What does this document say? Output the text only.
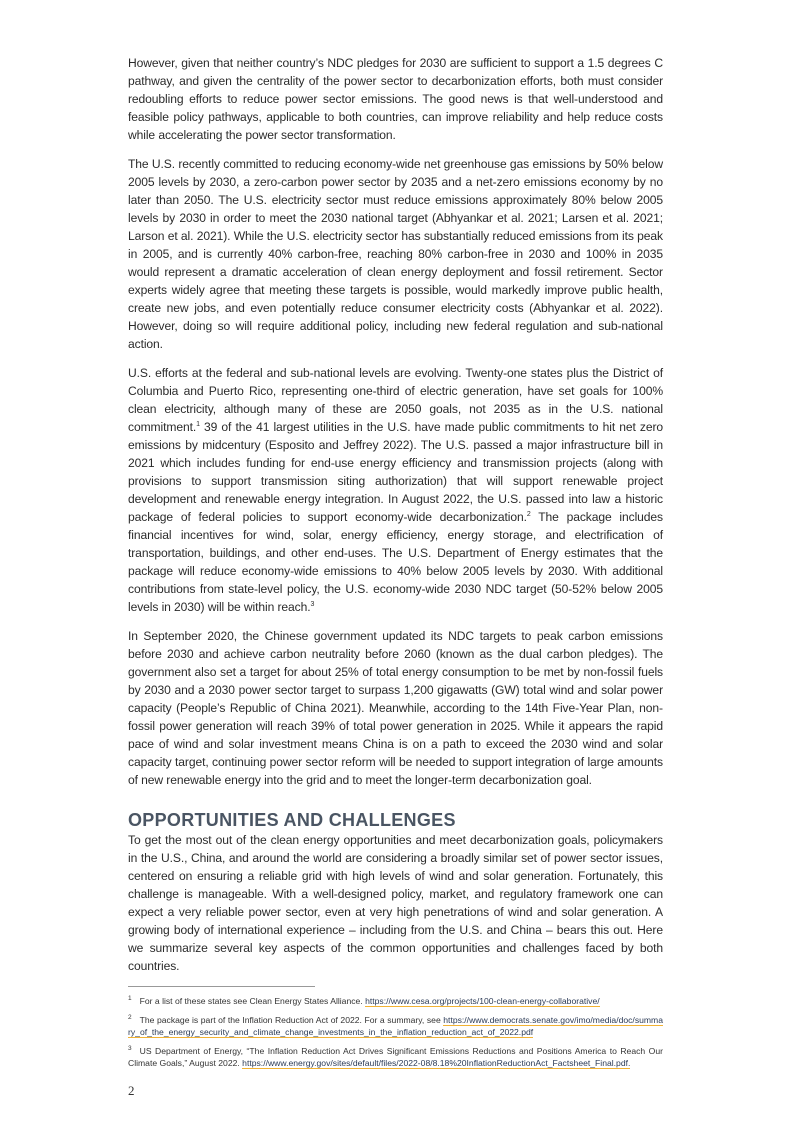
However, given that neither country’s NDC pledges for 2030 are sufficient to support a 1.5 degrees C pathway, and given the centrality of the power sector to decarbonization efforts, both must consider redoubling efforts to reduce power sector emissions. The good news is that well-understood and feasible policy pathways, applicable to both countries, can improve reliability and help reduce costs while accelerating the power sector transformation.

The U.S. recently committed to reducing economy-wide net greenhouse gas emissions by 50% below 2005 levels by 2030, a zero-carbon power sector by 2035 and a net-zero emissions economy by no later than 2050. The U.S. electricity sector must reduce emissions approximately 80% below 2005 levels by 2030 in order to meet the 2030 national target (Abhyankar et al. 2021; Larsen et al. 2021; Larson et al. 2021). While the U.S. electricity sector has substantially reduced emissions from its peak in 2005, and is currently 40% carbon-free, reaching 80% carbon-free in 2030 and 100% in 2035 would represent a dramatic acceleration of clean energy deployment and fossil retirement. Sector experts widely agree that meeting these targets is possible, would markedly improve public health, create new jobs, and even potentially reduce consumer electricity costs (Abhyankar et al. 2022). However, doing so will require additional policy, including new federal regulation and sub-national action.

U.S. efforts at the federal and sub-national levels are evolving. Twenty-one states plus the District of Columbia and Puerto Rico, representing one-third of electric generation, have set goals for 100% clean electricity, although many of these are 2050 goals, not 2035 as in the U.S. national commitment.$^1$ 39 of the 41 largest utilities in the U.S. have made public commitments to hit net zero emissions by midcentury (Esposito and Jeffrey 2022). The U.S. passed a major infrastructure bill in 2021 which includes funding for end-use energy efficiency and transmission projects (along with provisions to support transmission siting authorization) that will support renewable project development and renewable energy integration. In August 2022, the U.S. passed into law a historic package of federal policies to support economy-wide decarbonization.$^2$ The package includes financial incentives for wind, solar, energy efficiency, energy storage, and electrification of transportation, buildings, and other end-uses. The U.S. Department of Energy estimates that the package will reduce economy-wide emissions to 40% below 2005 levels by 2030. With additional contributions from state-level policy, the U.S. economy-wide 2030 NDC target (50-52% below 2005 levels in 2030) will be within reach.$^3$

In September 2020, the Chinese government updated its NDC targets to peak carbon emissions before 2030 and achieve carbon neutrality before 2060 (known as the dual carbon pledges). The government also set a target for about 25% of total energy consumption to be met by non-fossil fuels by 2030 and a 2030 power sector target to surpass 1,200 gigawatts (GW) total wind and solar power capacity (People’s Republic of China 2021). Meanwhile, according to the 14th Five-Year Plan, non-fossil power generation will reach 39% of total power generation in 2025. While it appears the rapid pace of wind and solar investment means China is on a path to exceed the 2030 wind and solar capacity target, continuing power sector reform will be needed to support integration of large amounts of new renewable energy into the grid and to meet the longer-term decarbonization goal.

OPPORTUNITIES AND CHALLENGES

To get the most out of the clean energy opportunities and meet decarbonization goals, policymakers in the U.S., China, and around the world are considering a broadly similar set of power sector issues, centered on ensuring a reliable grid with high levels of wind and solar generation. Fortunately, this challenge is manageable. With a well-designed policy, market, and regulatory framework one can expect a very reliable power sector, even at very high penetrations of wind and solar generation. A growing body of international experience – including from the U.S. and China – bears this out. Here we summarize several key aspects of the common opportunities and challenges faced by both countries.

$^1$ For a list of these states see Clean Energy States Alliance. https://www.cesa.org/projects/100-clean-energy-collaborative/
$^2$ The package is part of the Inflation Reduction Act of 2022. For a summary, see https://www.democrats.senate.gov/imo/media/doc/summary_of_the_energy_security_and_climate_change_investments_in_the_inflation_reduction_act_of_2022.pdf
$^3$ US Department of Energy, “The Inflation Reduction Act Drives Significant Emissions Reductions and Positions America to Reach Our Climate Goals,” August 2022. https://www.energy.gov/sites/default/files/2022-08/8.18%20InflationReductionAct_Factsheet_Final.pdf.
2
